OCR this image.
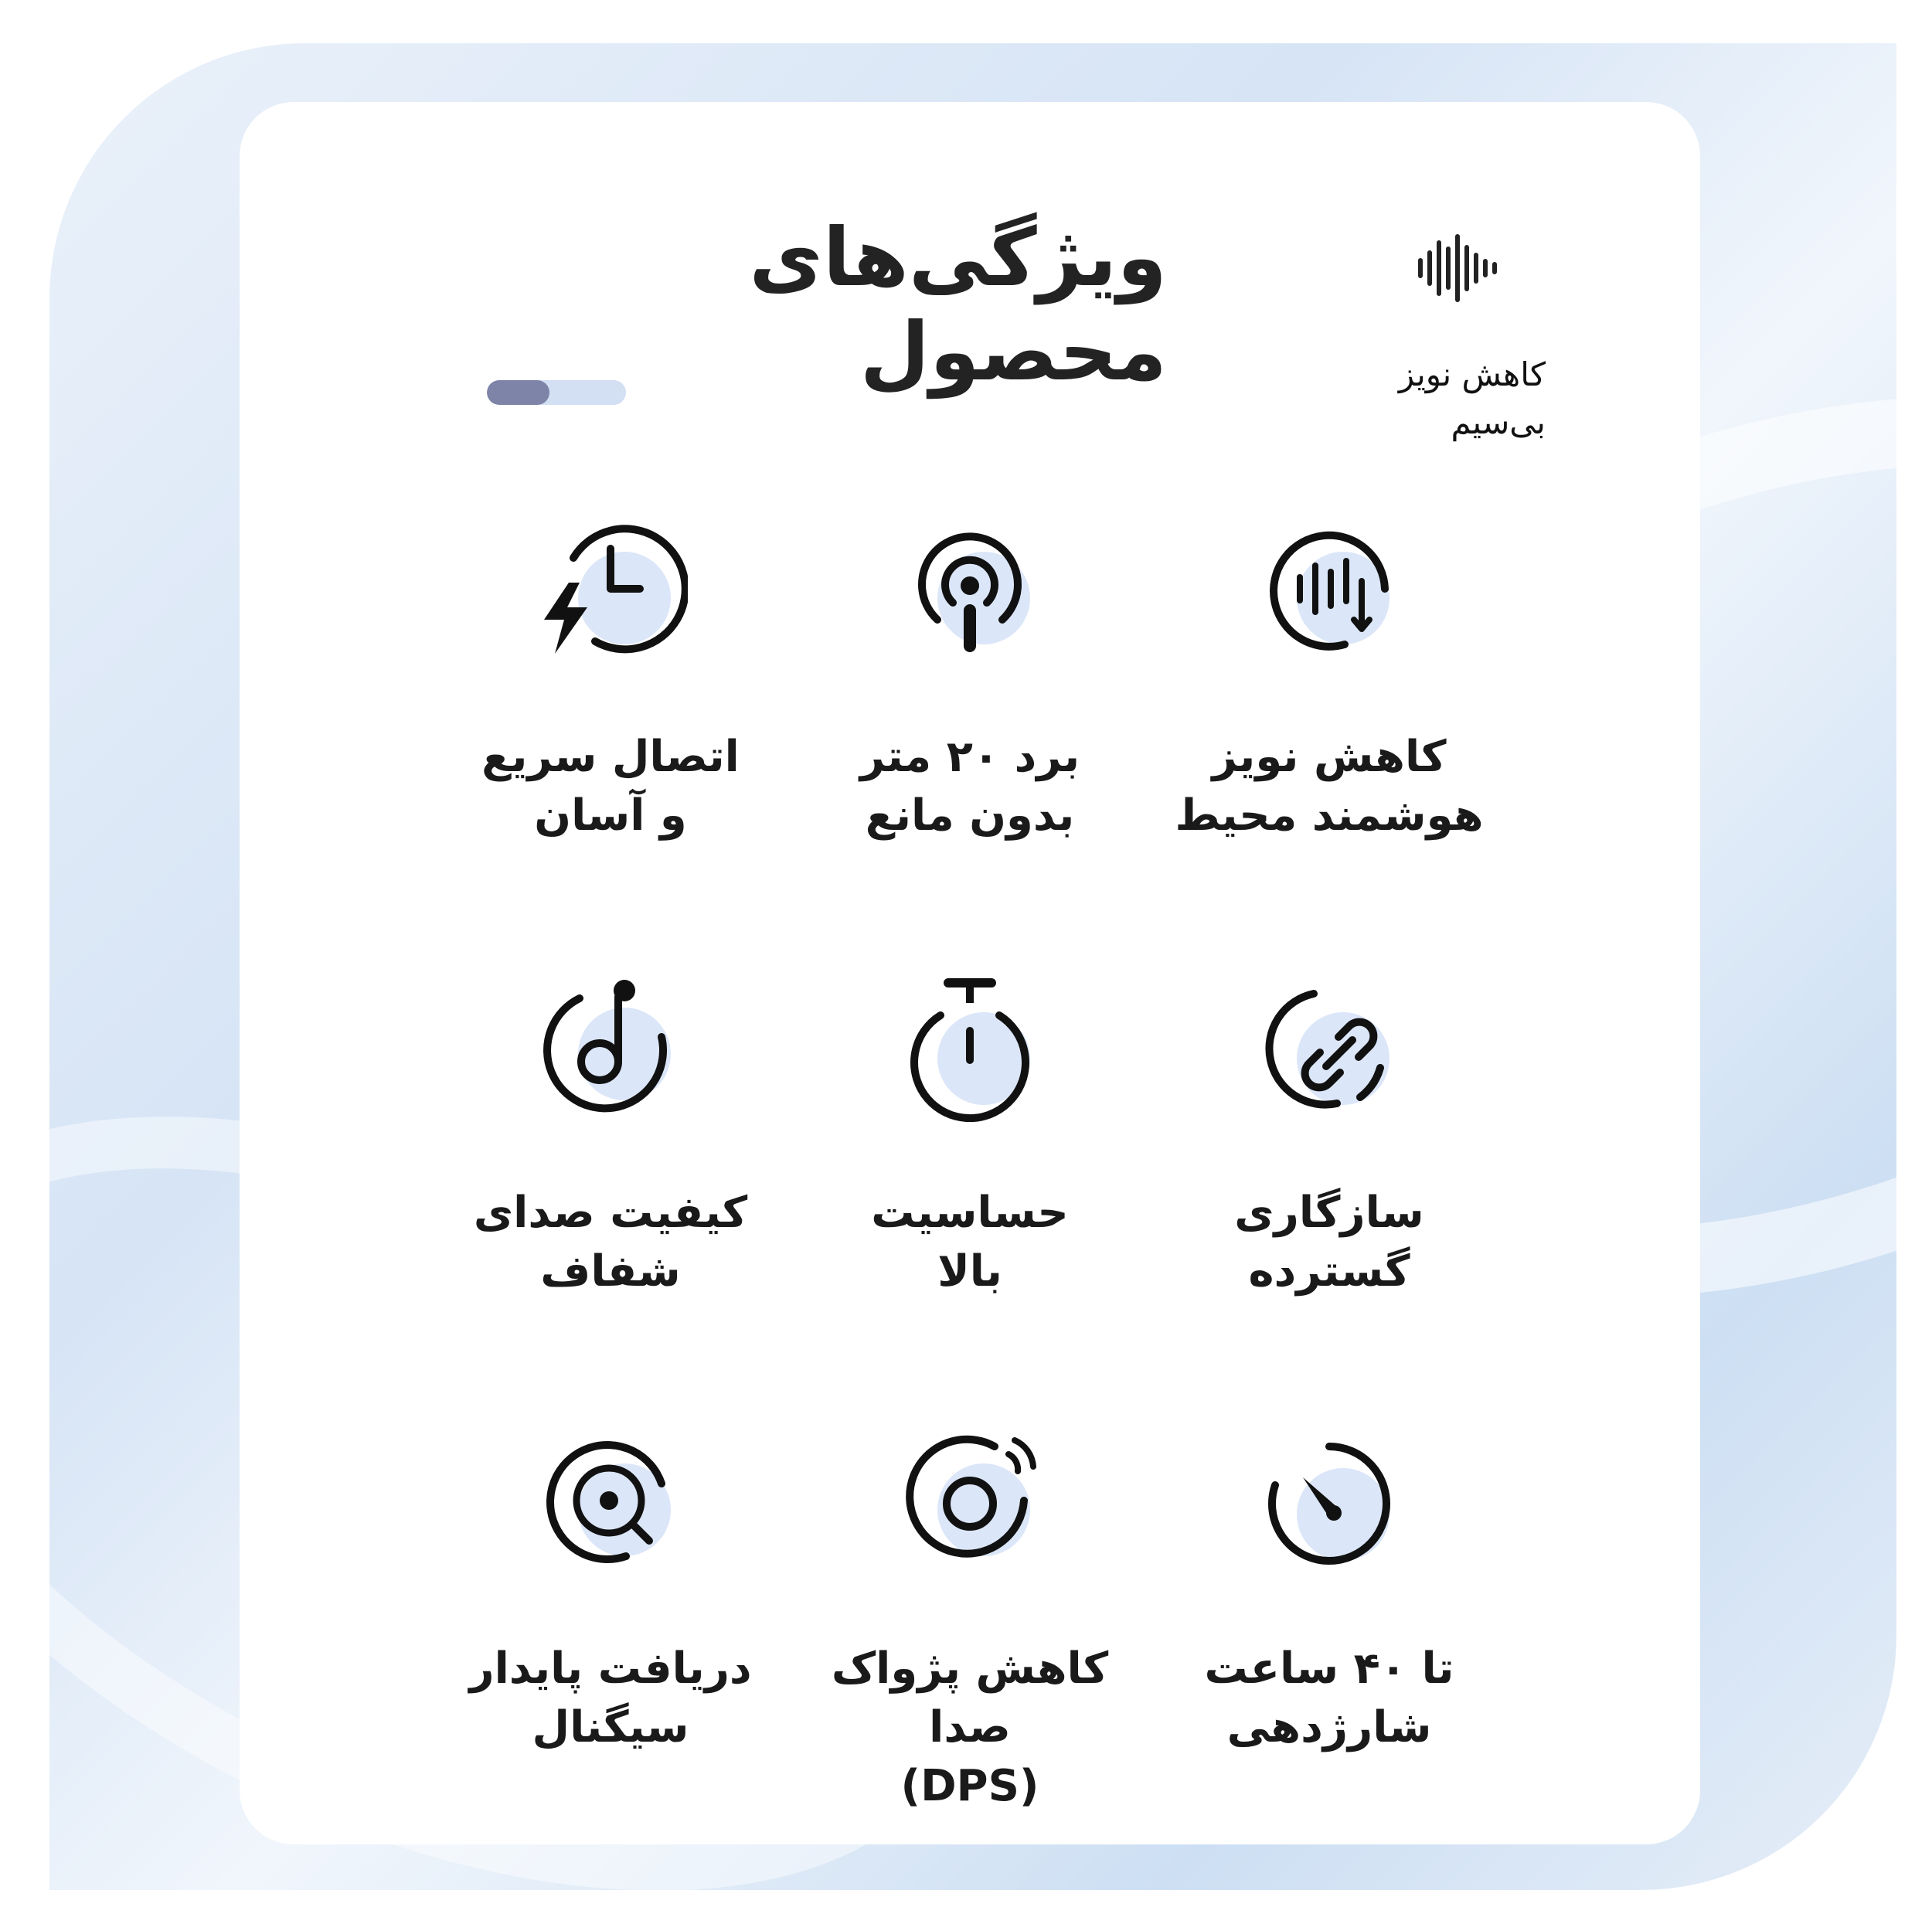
ویژگی‌های محصول	کاهش نویز
بی‌سیم
اتصال سریع
و آسان
برد ۲۰ متر
بدون مانع
کاهش نویز
هوشمند محیط
کیفیت صدای
شفاف
حساسیت
بالا
سازگاری
گسترده
دریافت پایدار
سیگنال
کاهش پژواک صدا
(DPS)
تا ۴۰ ساعت
شارژدهی
